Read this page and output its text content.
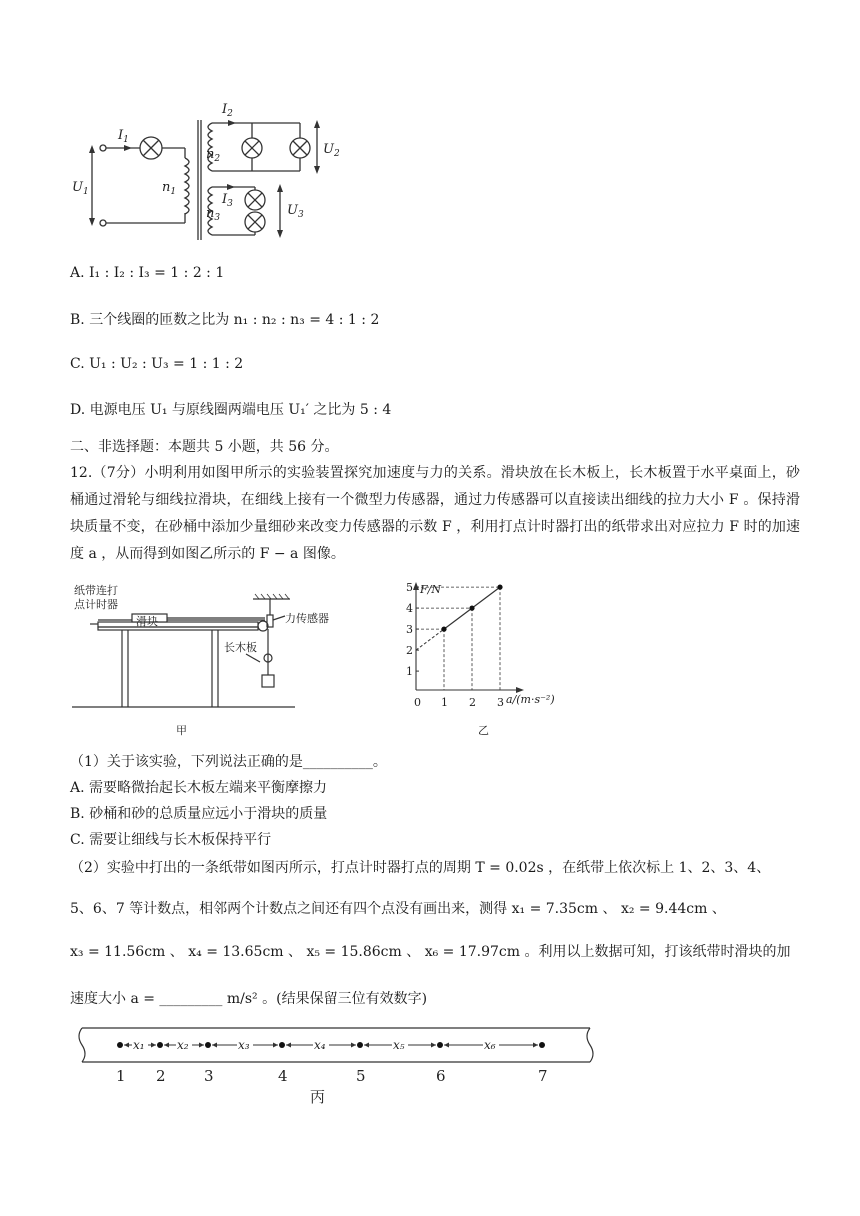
$I_1$
$I_2$
$I_3$
$U_1$
$U_2$
$U_3$
$n_1$
$n_2$
$n_3$
A. I₁ : I₂ : I₃ = 1 : 2 : 1
B. 三个线圈的匝数之比为 n₁ : n₂ : n₃ = 4 : 1 : 2
C. U₁ : U₂ : U₃ = 1 : 1 : 2
D. 电源电压 U₁ 与原线圈两端电压 U₁′ 之比为 5 : 4
二、非选择题：本题共 5 小题，共 56 分。
12.（7分）小明利用如图甲所示的实验装置探究加速度与力的关系。滑块放在长木板上，长木板置于水平桌面上，砂桶通过滑轮与细线拉滑块，在细线上接有一个微型力传感器，通过力传感器可以直接读出细线的拉力大小 F 。保持滑块质量不变，在砂桶中添加少量细砂来改变力传感器的示数 F ，利用打点计时器打出的纸带求出对应拉力 F 时的加速度 a ，从而得到如图乙所示的 F − a 图像。
纸带连打
点计时器
滑块	力传感器
长木板
甲
F/N
a/(m·s⁻²)
0
乙
1
2
3
4
5
1 2 3
（1）关于该实验，下列说法正确的是__________。
A. 需要略微抬起长木板左端来平衡摩擦力
B. 砂桶和砂的总质量应远小于滑块的质量
C. 需要让细线与长木板保持平行
（2）实验中打出的一条纸带如图丙所示，打点计时器打点的周期 T = 0.02s ，在纸带上依次标上 1、2、3、4、
5、6、7 等计数点，相邻两个计数点之间还有四个点没有画出来，测得 x₁ = 7.35cm 、 x₂ = 9.44cm 、
x₃ = 11.56cm 、 x₄ = 13.65cm 、 x₅ = 15.86cm 、 x₆ = 17.97cm 。利用以上数据可知，打该纸带时滑块的加
速度大小 a = _________ m/s² 。(结果保留三位有效数字)
1 2	3	4	5	6	7
x₁	x₂	x₃	x₄	x₅	x₆
丙
